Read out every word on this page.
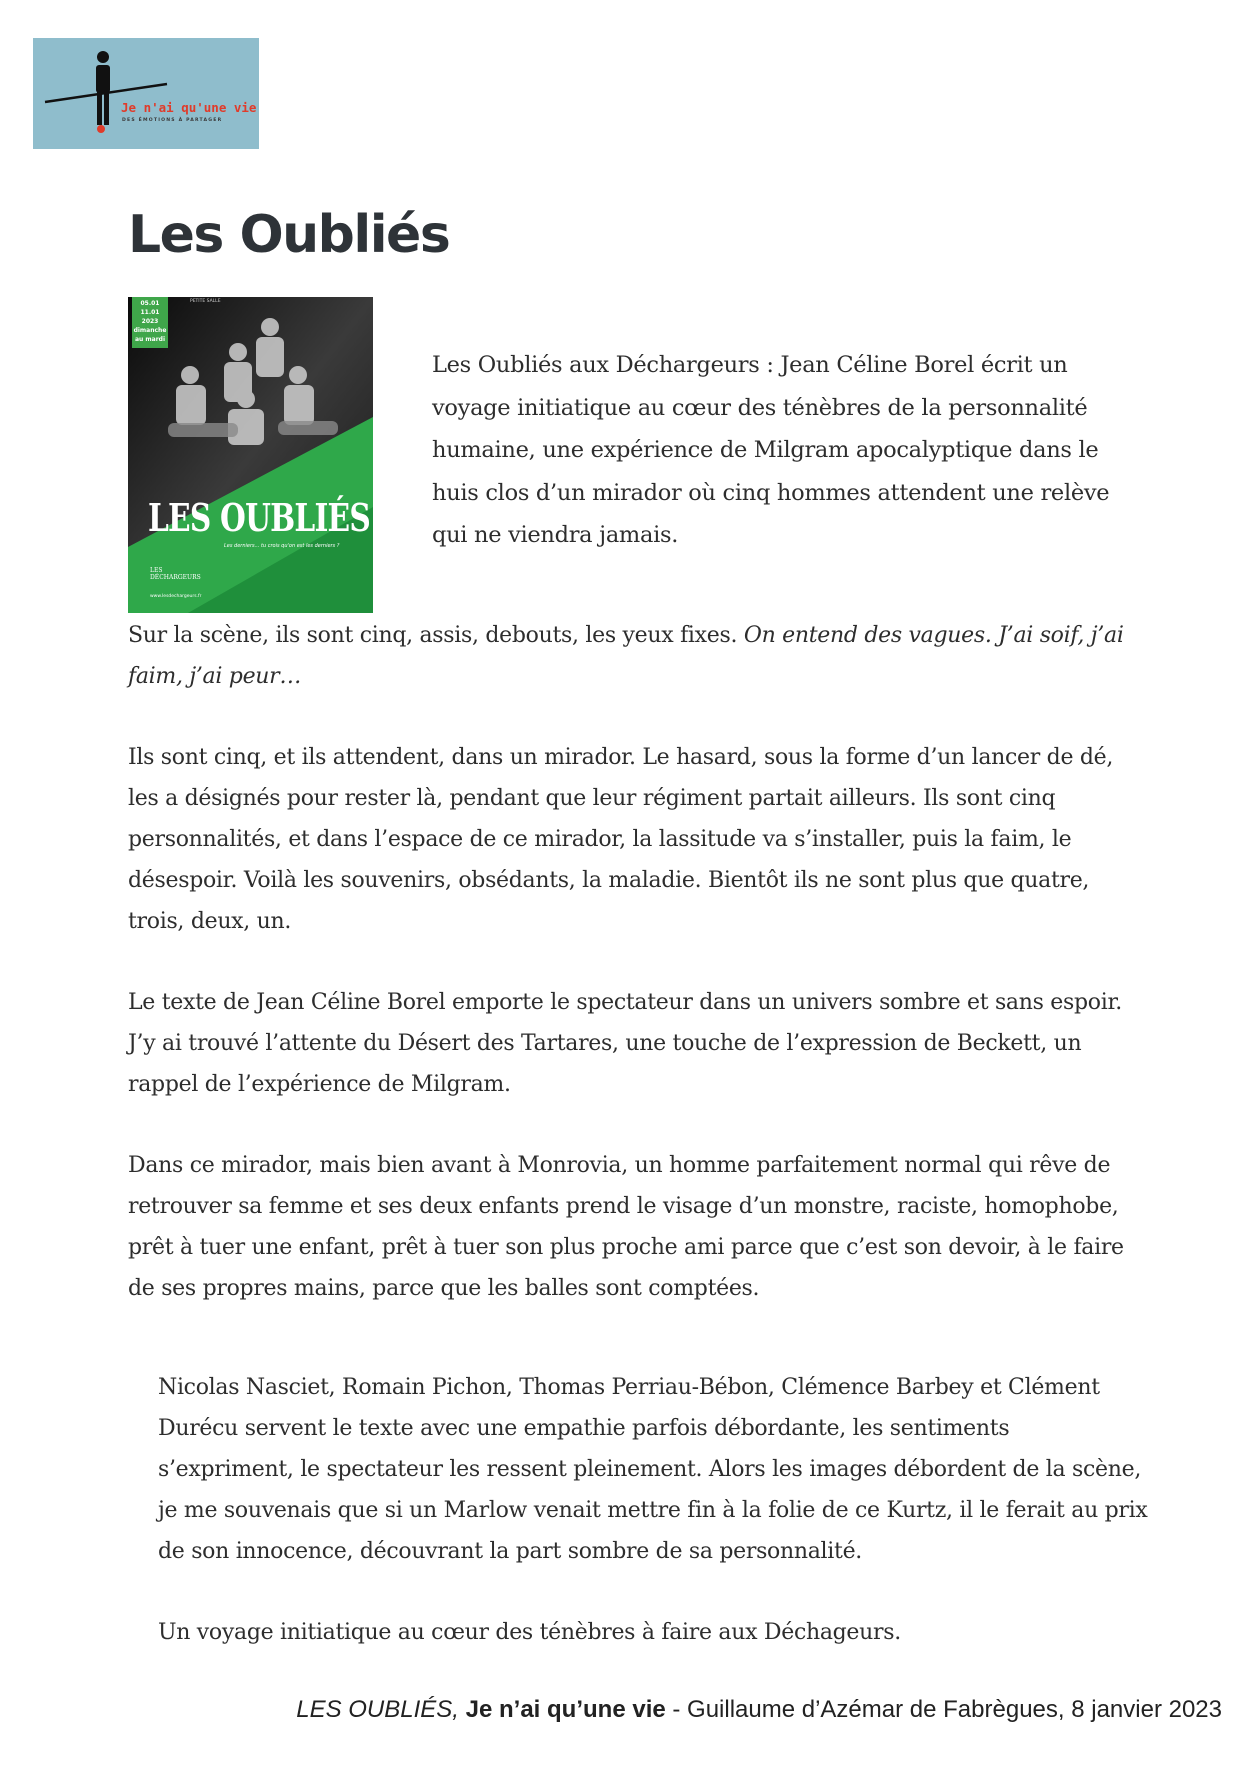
Je n'ai qu'une vie
DES ÉMOTIONS À PARTAGER
Les Oubliés
05.01
11.01
2023
dimanche
au mardi
PETITE SALLE
LES OUBLIÉS
Les derniers... tu crois qu'on est les derniers ?
LES
DÉCHARGEURS
www.lesdechargeurs.fr

Les Oubliés aux Déchargeurs : Jean Céline Borel écrit un voyage initiatique au cœur des ténèbres de la personnalité humaine, une expérience de Milgram apocalyptique dans le huis clos d’un mirador où cinq hommes attendent une relève qui ne viendra jamais.

Sur la scène, ils sont cinq, assis, debouts, les yeux fixes. On entend des vagues. J’ai soif, j’ai faim, j’ai peur…

Ils sont cinq, et ils attendent, dans un mirador. Le hasard, sous la forme d’un lancer de dé, les a désignés pour rester là, pendant que leur régiment partait ailleurs. Ils sont cinq personnalités, et dans l’espace de ce mirador, la lassitude va s’installer, puis la faim, le désespoir. Voilà les souvenirs, obsédants, la maladie. Bientôt ils ne sont plus que quatre, trois, deux, un.

Le texte de Jean Céline Borel emporte le spectateur dans un univers sombre et sans espoir. J’y ai trouvé l’attente du Désert des Tartares, une touche de l’expression de Beckett, un rappel de l’expérience de Milgram.

Dans ce mirador, mais bien avant à Monrovia, un homme parfaitement normal qui rêve de retrouver sa femme et ses deux enfants prend le visage d’un monstre, raciste, homophobe, prêt à tuer une enfant, prêt à tuer son plus proche ami parce que c’est son devoir, à le faire de ses propres mains, parce que les balles sont comptées.

Nicolas Nasciet, Romain Pichon, Thomas Perriau-Bébon, Clémence Barbey et Clément Durécu servent le texte avec une empathie parfois débordante, les sentiments s’expriment, le spectateur les ressent pleinement. Alors les images débordent de la scène, je me souvenais que si un Marlow venait mettre fin à la folie de ce Kurtz, il le ferait au prix de son innocence, découvrant la part sombre de sa personnalité.

Un voyage initiatique au cœur des ténèbres à faire aux Déchageurs.

LES OUBLIÉS, Je n’ai qu’une vie - Guillaume d’Azémar de Fabrègues, 8 janvier 2023
